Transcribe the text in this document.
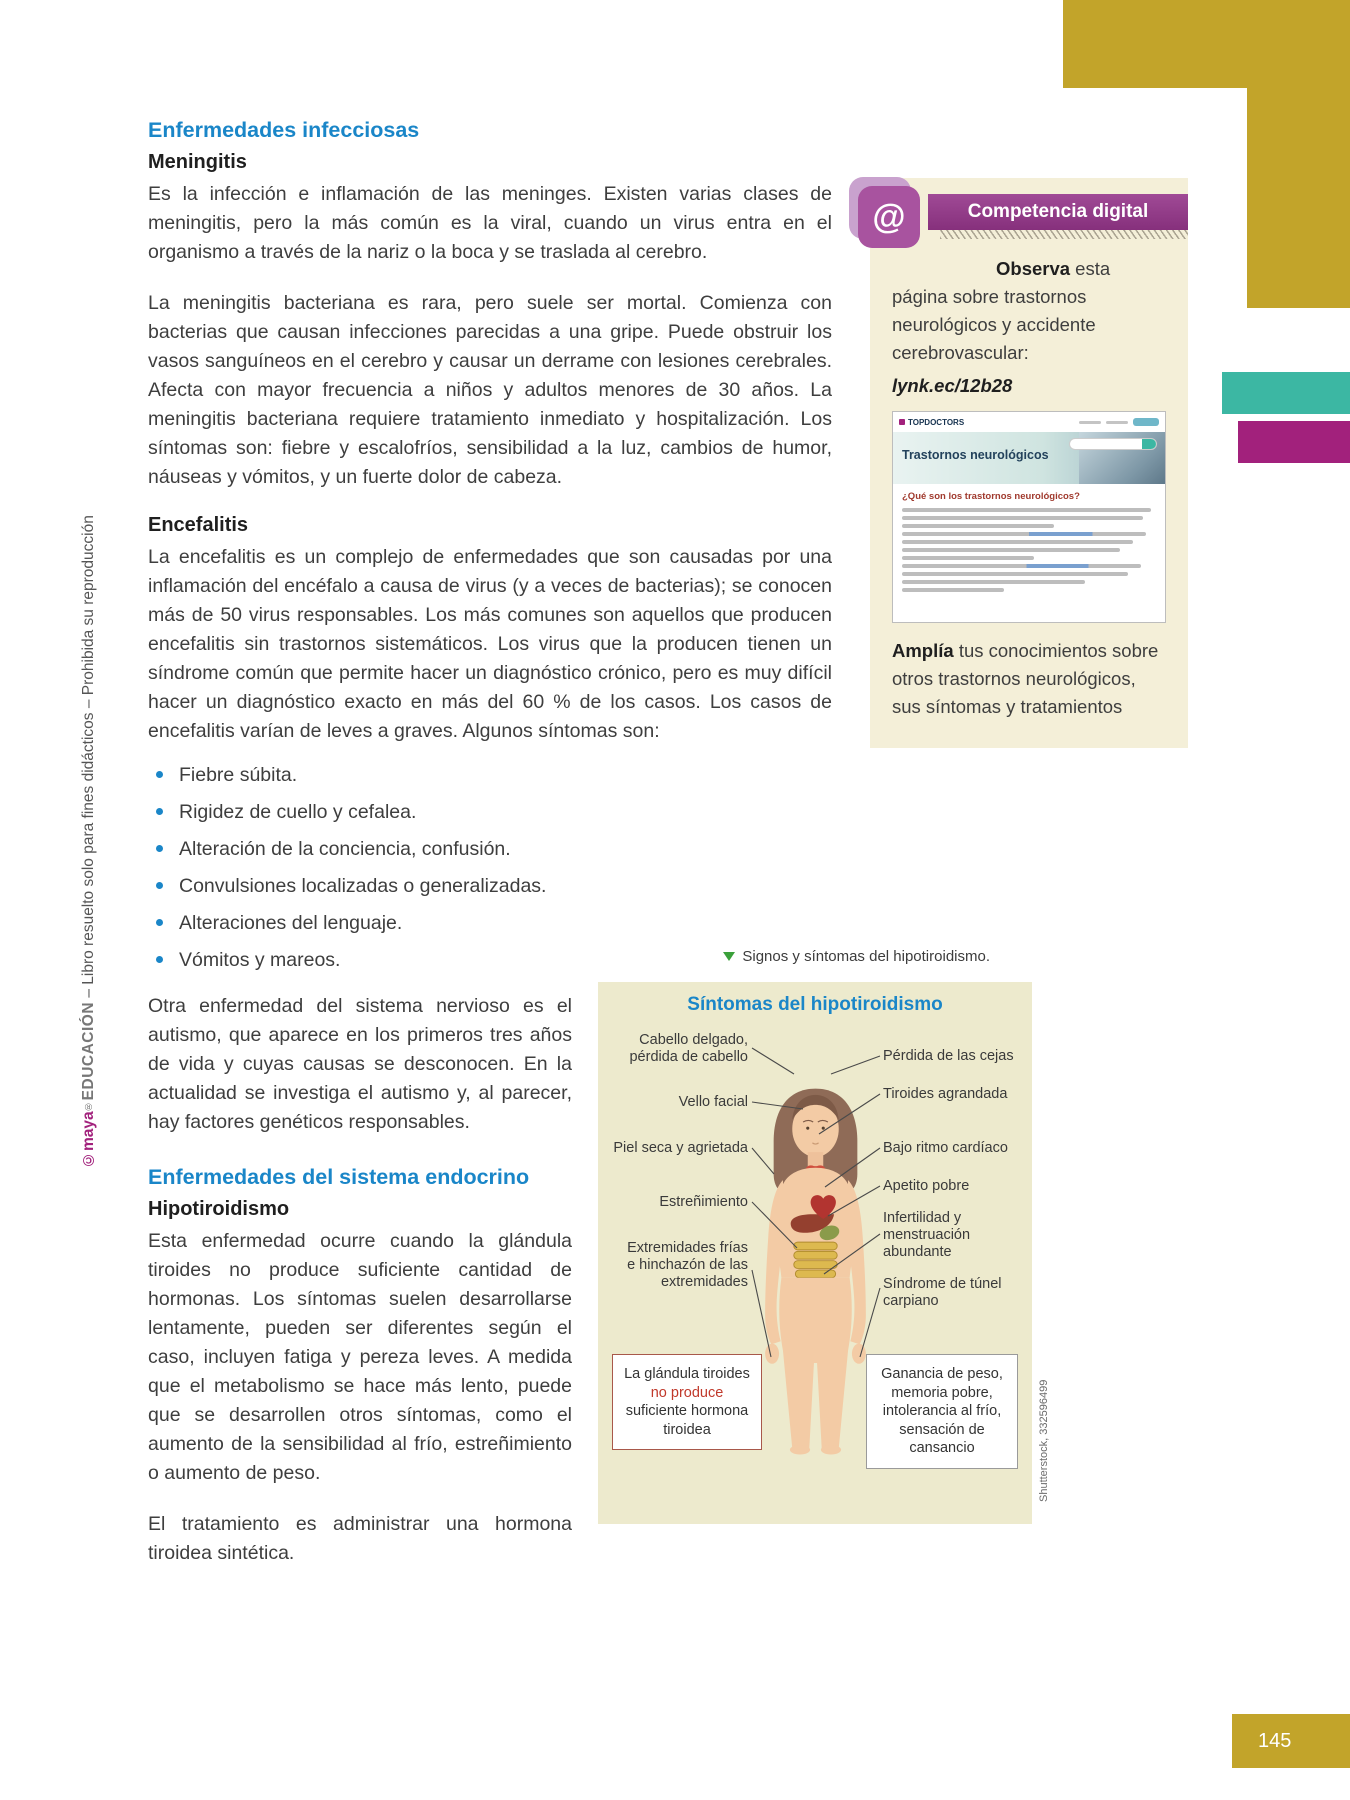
©maya®EDUCACIÓN – Libro resuelto solo para fines didácticos – Prohibida su reproducción
Enfermedades infecciosas
Meningitis

Es la infección e inflamación de las meninges. Existen varias clases de meningitis, pero la más común es la viral, cuando un virus entra en el organismo a través de la nariz o la boca y se traslada al cerebro.

La meningitis bacteriana es rara, pero suele ser mortal. Comienza con bacterias que causan infecciones parecidas a una gripe. Puede obstruir los vasos sanguíneos en el cerebro y causar un derrame con lesiones cerebrales. Afecta con mayor frecuencia a niños y adultos menores de 30 años. La meningitis bacteriana requiere tratamiento inmediato y hospitalización. Los síntomas son: fiebre y escalofríos, sensibilidad a la luz, cambios de humor, náuseas y vómitos, y un fuerte dolor de cabeza.

Encefalitis

La encefalitis es un complejo de enfermedades que son causadas por una inflamación del encéfalo a causa de virus (y a veces de bacterias); se conocen más de 50 virus responsables. Los más comunes son aquellos que producen encefalitis sin trastornos sistemáticos. Los virus que la producen tienen un síndrome común que permite hacer un diagnóstico crónico, pero es muy difícil hacer un diagnóstico exacto en más del 60 % de los casos. Los casos de encefalitis varían de leves a graves. Algunos síntomas son:

Fiebre súbita.
Rigidez de cuello y cefalea.
Alteración de la conciencia, confusión.
Convulsiones localizadas o generalizadas.
Alteraciones del lenguaje.
Vómitos y mareos.

Otra enfermedad del sistema nervioso es el autismo, que aparece en los primeros tres años de vida y cuyas causas se desconocen. En la actualidad se investiga el autismo y, al parecer, hay factores genéticos responsables.

Enfermedades del sistema endocrino
Hipotiroidismo

Esta enfermedad ocurre cuando la glándula tiroides no produce suficiente cantidad de hormonas. Los síntomas suelen desarrollarse lentamente, pueden ser diferentes según el caso, incluyen fatiga y pereza leves. A medida que el metabolismo se hace más lento, puede que se desarrollen otros síntomas, como el aumento de la sensibilidad al frío, estreñimiento o aumento de peso.

El tratamiento es administrar una hormona tiroidea sintética.

@	Competencia digital

Observa esta página sobre trastornos neurológicos y accidente cerebrovascular:

lynk.ec/12b28
TOPDOCTORS
Trastornos neurológicos
¿Qué son los trastornos neurológicos?

Amplía tus conocimientos sobre otros trastornos neurológicos, sus síntomas y tratamientos

Signos y síntomas del hipotiroidismo.
Síntomas del hipotiroidismo
Cabello delgado, pérdida de cabello
Vello facial
Piel seca y agrietada
Estreñimiento
Extremidades frías e hinchazón de las extremidades
Pérdida de las cejas
Tiroides agrandada
Bajo ritmo cardíaco
Apetito pobre
Infertilidad y menstruación abundante
Síndrome de túnel carpiano
La glándula tiroides no produce suficiente hormona tiroidea
Ganancia de peso, memoria pobre, intolerancia al frío, sensación de cansancio	Shutterstock, 332596499
145
